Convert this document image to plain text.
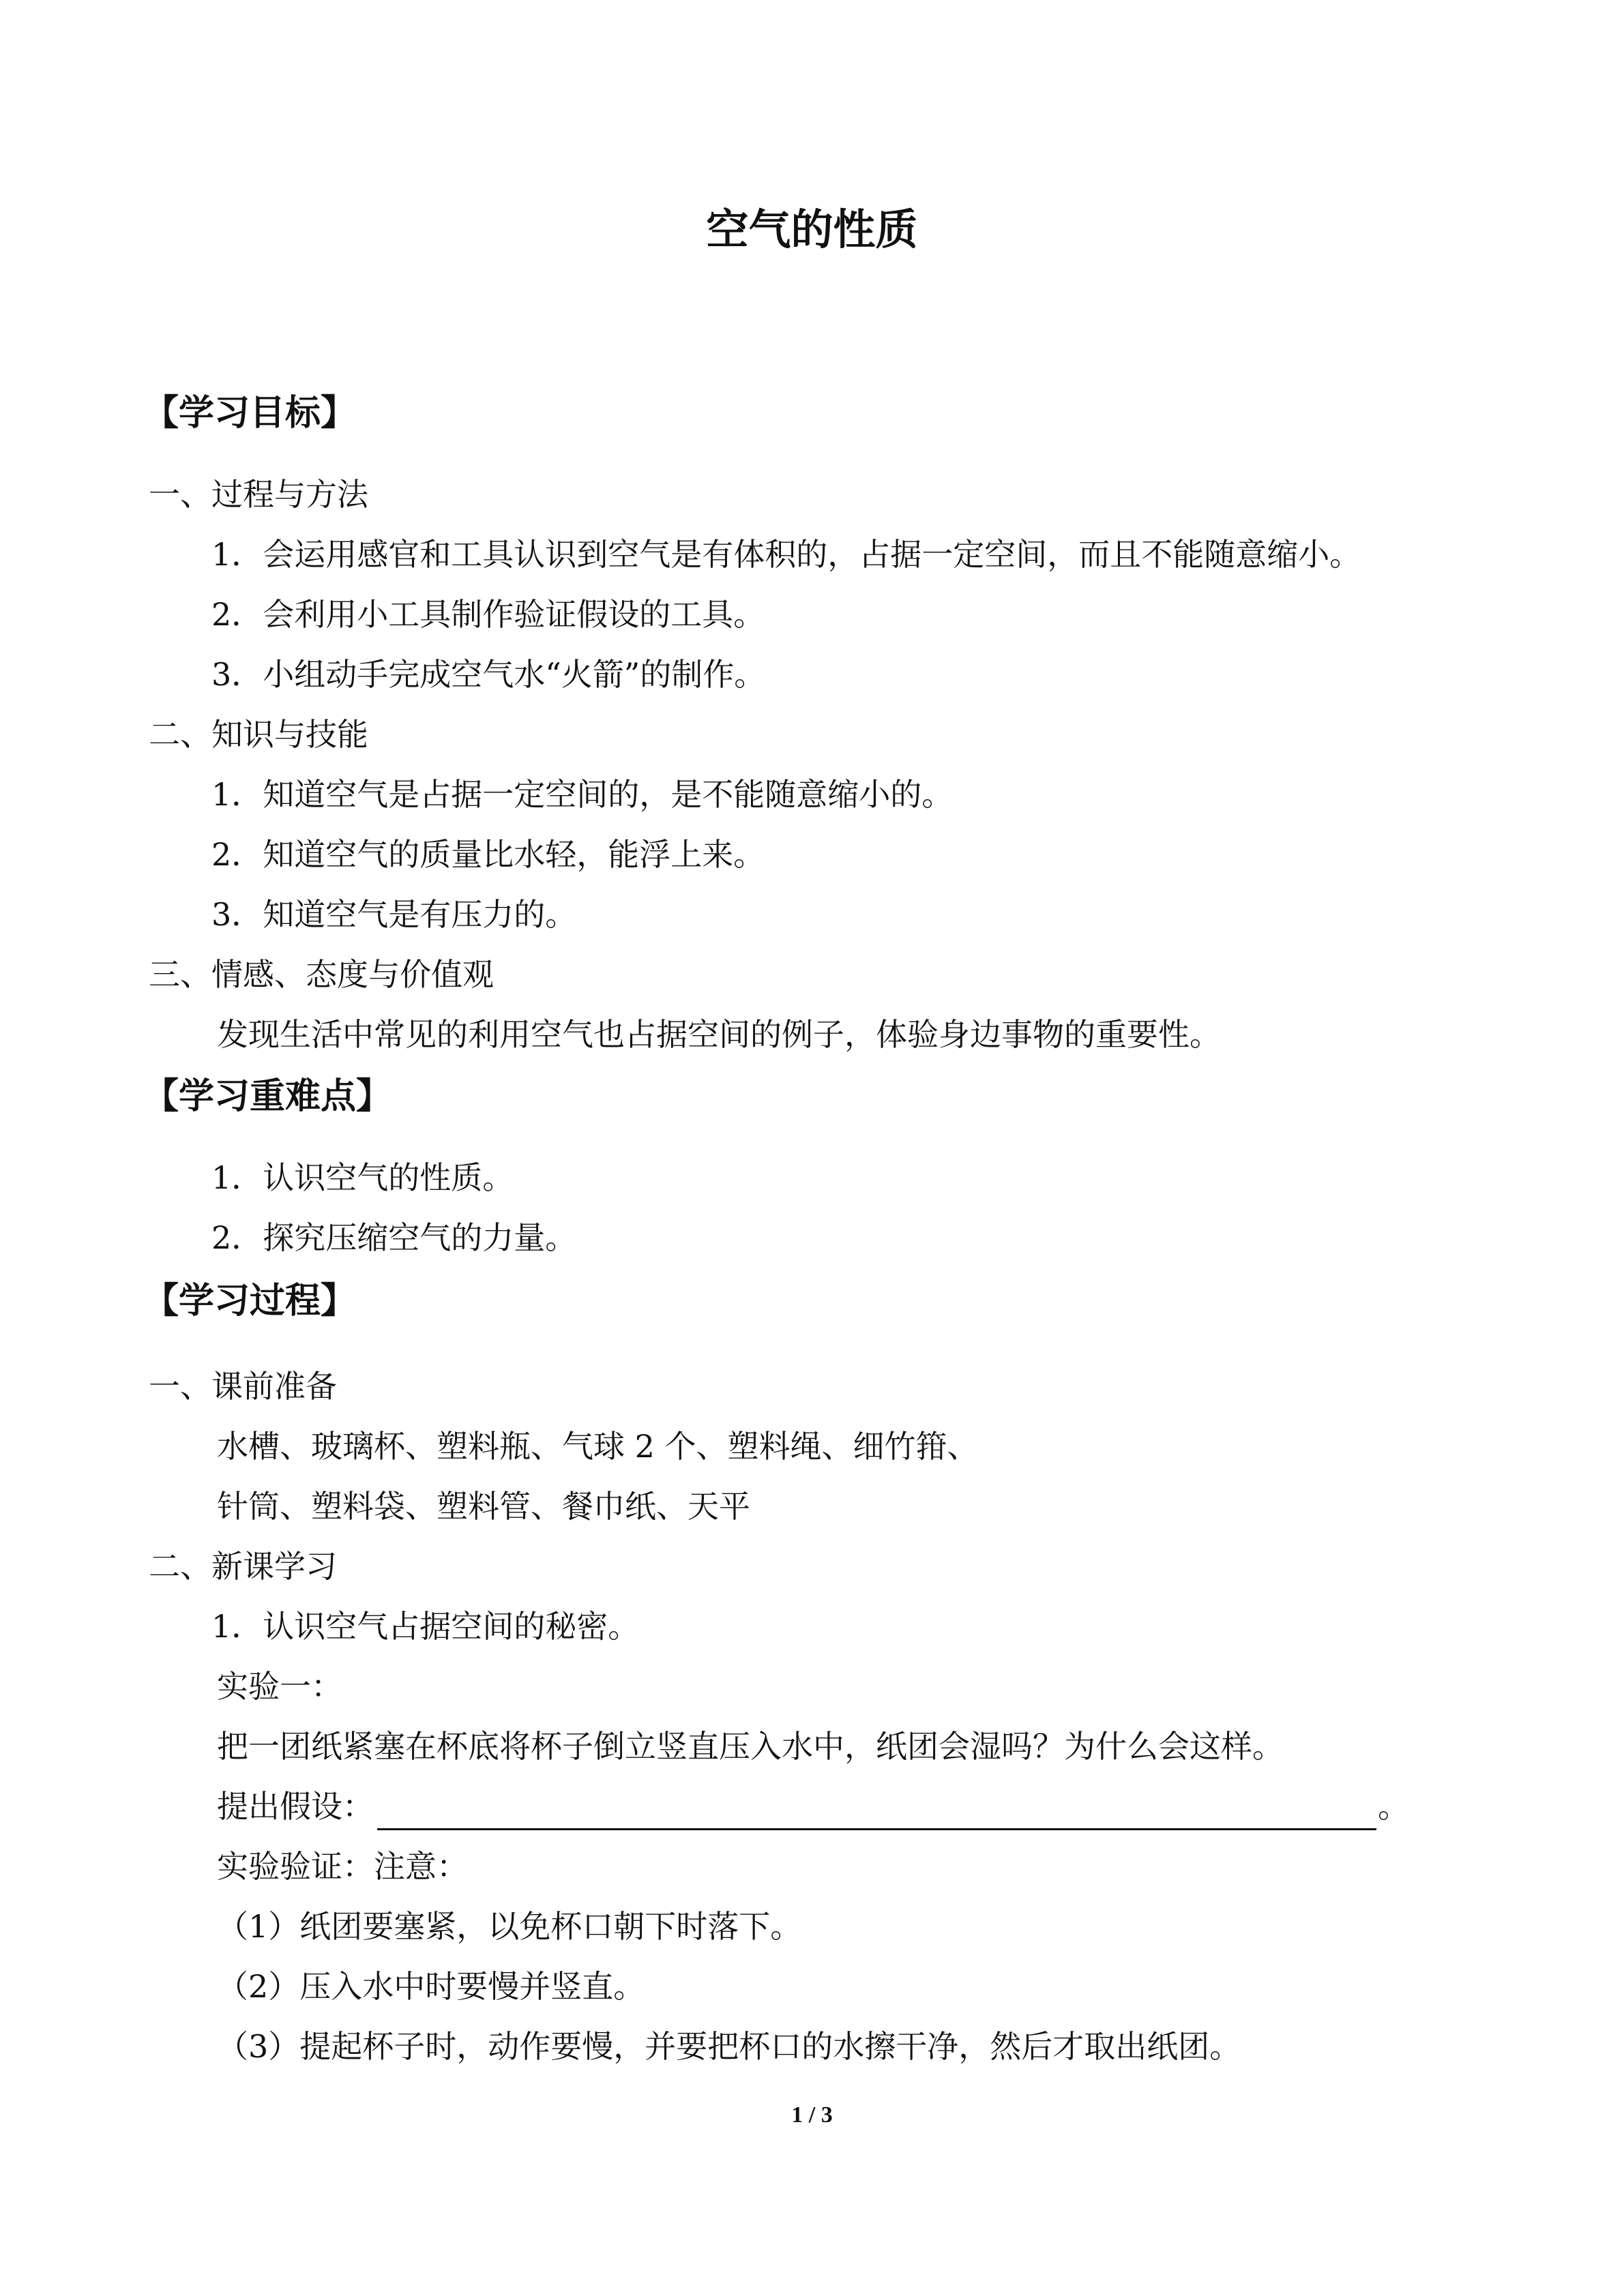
空气的性质
【学习目标】
一、过程与方法
1．会运用感官和工具认识到空气是有体积的，占据一定空间，而且不能随意缩小。
2．会利用小工具制作验证假设的工具。
3．小组动手完成空气水“火箭”的制作。
二、知识与技能
1．知道空气是占据一定空间的，是不能随意缩小的。
2．知道空气的质量比水轻，能浮上来。
3．知道空气是有压力的。
三、情感、态度与价值观
发现生活中常见的利用空气也占据空间的例子，体验身边事物的重要性。
【学习重难点】
1．认识空气的性质。
2．探究压缩空气的力量。
【学习过程】
一、课前准备
水槽、玻璃杯、塑料瓶、气球 2 个、塑料绳、细竹箝、
针筒、塑料袋、塑料管、餐巾纸、天平
二、新课学习
1．认识空气占据空间的秘密。
实验一：
把一团纸紧塞在杯底将杯子倒立竖直压入水中，纸团会湿吗？为什么会这样。
提出假设：	。
实验验证：注意：
（1）纸团要塞紧，以免杯口朝下时落下。
（2）压入水中时要慢并竖直。
（3）提起杯子时，动作要慢，并要把杯口的水擦干净，然后才取出纸团。
1 / 3
